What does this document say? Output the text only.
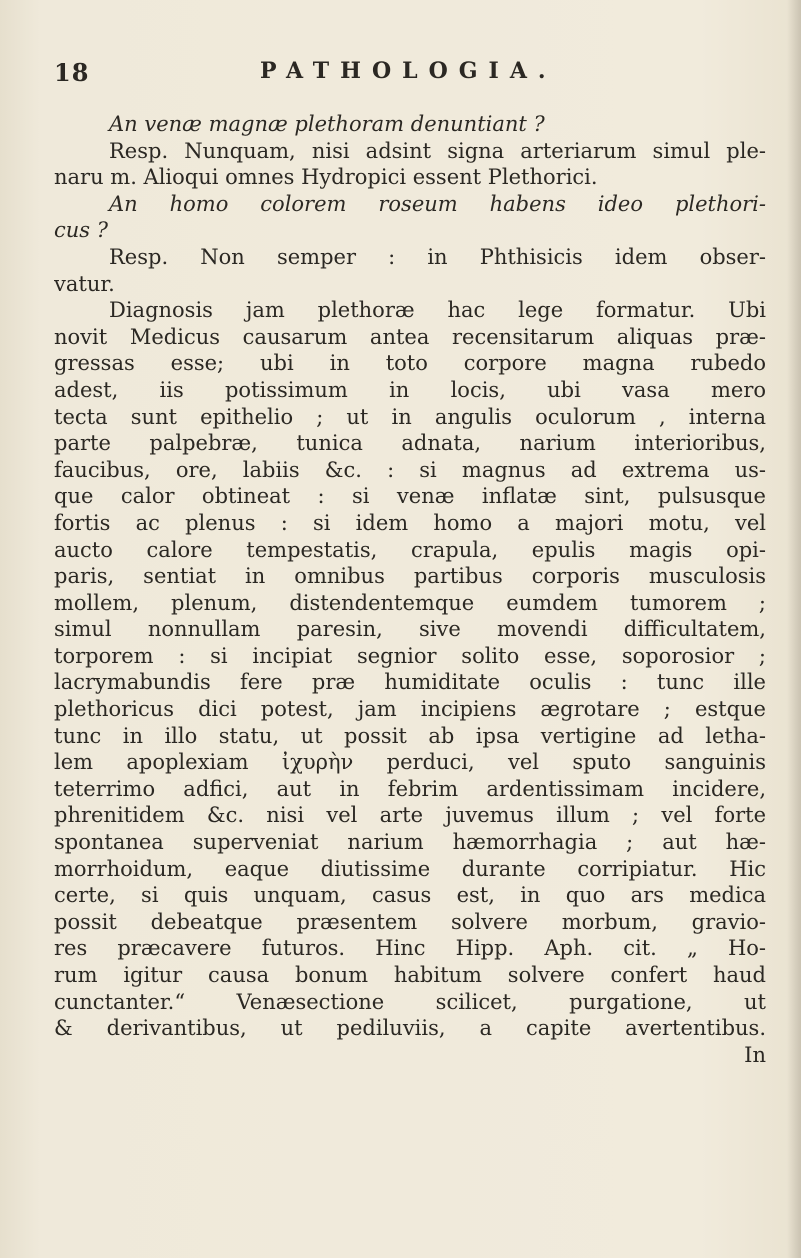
18	PATHOLOGIA.
An venæ magnæ plethoram denuntiant ?
Resp. Nunquam, nisi adsint signa arteriarum simul ple-
naru m. Alioqui omnes Hydropici essent Plethorici.
An homo colorem roseum habens ideo plethori-
cus ?
Resp. Non semper : in Phthisicis idem obser-
vatur.
Diagnosis jam plethoræ hac lege formatur. Ubi
novit Medicus causarum antea recensitarum aliquas præ-
gressas esse; ubi in toto corpore magna rubedo
adest, iis potissimum in locis, ubi vasa mero
tecta sunt epithelio ; ut in angulis oculorum , interna
parte palpebræ, tunica adnata, narium interioribus,
faucibus, ore, labiis &c. : si magnus ad extrema us-
que calor obtineat : si venæ inflatæ sint, pulsusque
fortis ac plenus : si idem homo a majori motu, vel
aucto calore tempestatis, crapula, epulis magis opi-
paris, sentiat in omnibus partibus corporis musculosis
mollem, plenum, distendentemque eumdem tumorem ;
simul nonnullam paresin, sive movendi difficultatem,
torporem : si incipiat segnior solito esse, soporosior ;
lacrymabundis fere præ humiditate oculis : tunc ille
plethoricus dici potest, jam incipiens ægrotare ; estque
tunc in illo statu, ut possit ab ipsa vertigine ad letha-
lem apoplexiam ἰχυρὴν perduci, vel sputo sanguinis
teterrimo adfici, aut in febrim ardentissimam incidere,
phrenitidem &c. nisi vel arte juvemus illum ; vel forte
spontanea superveniat narium hæmorrhagia ; aut hæ-
morrhoidum, eaque diutissime durante corripiatur. Hic
certe, si quis unquam, casus est, in quo ars medica
possit debeatque præsentem solvere morbum, gravio-
res præcavere futuros. Hinc Hipp. Aph. cit. „ Ho-
rum igitur causa bonum habitum solvere confert haud
cunctanter.“ Venæsectione scilicet, purgatione, ut
& derivantibus, ut pediluviis, a capite avertentibus.
In
